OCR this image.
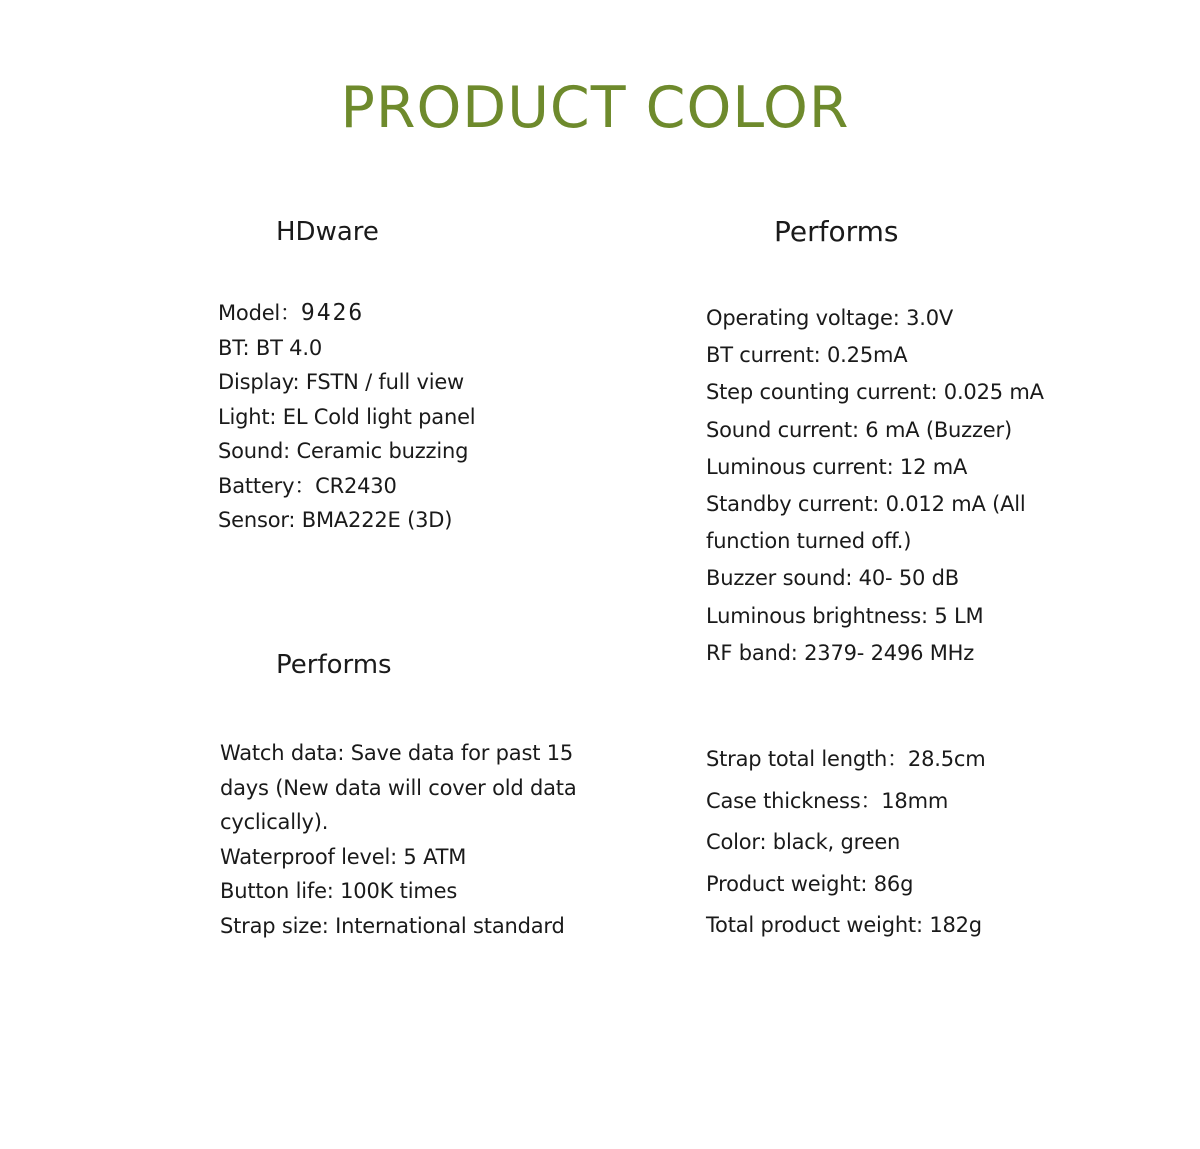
PRODUCT COLOR
HDware
Model：9426
BT: BT 4.0
Display: FSTN / full view
Light: EL Cold light panel
Sound: Ceramic buzzing
Battery：CR2430
Sensor: BMA222E (3D)
Performs
Operating voltage: 3.0V
BT current: 0.25mA
Step counting current: 0.025 mA
Sound current: 6 mA (Buzzer)
Luminous current: 12 mA
Standby current: 0.012 mA (All function turned off.)
Buzzer sound: 40- 50 dB
Luminous brightness: 5 LM
RF band: 2379- 2496 MHz
Performs
Watch data: Save data for past 15 days (New data will cover old data cyclically).
Waterproof level: 5 ATM
Button life: 100K times
Strap size: International standard
Strap total length：28.5cm
Case thickness：18mm
Color: black, green
Product weight: 86g
Total product weight: 182g
